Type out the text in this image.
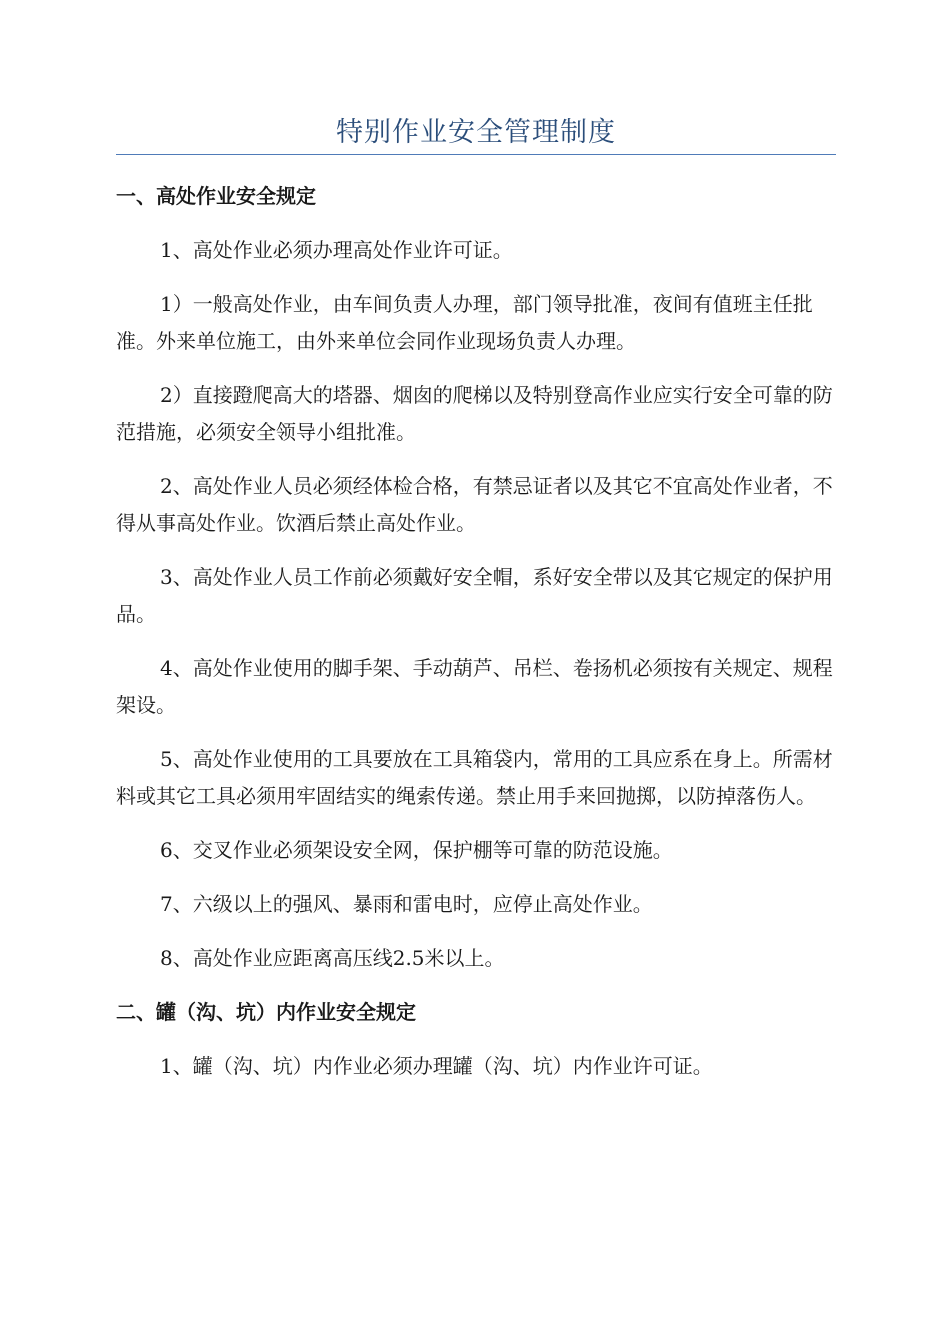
特别作业安全管理制度
一、高处作业安全规定

1、高处作业必须办理高处作业许可证。

1）一般高处作业，由车间负责人办理，部门领导批准，夜间有值班主任批准。外来单位施工，由外来单位会同作业现场负责人办理。

2）直接蹬爬高大的塔器、烟囱的爬梯以及特别登高作业应实行安全可靠的防范措施，必须安全领导小组批准。

2、高处作业人员必须经体检合格，有禁忌证者以及其它不宜高处作业者，不得从事高处作业。饮酒后禁止高处作业。

3、高处作业人员工作前必须戴好安全帽，系好安全带以及其它规定的保护用品。

4、高处作业使用的脚手架、手动葫芦、吊栏、卷扬机必须按有关规定、规程架设。

5、高处作业使用的工具要放在工具箱袋内，常用的工具应系在身上。所需材料或其它工具必须用牢固结实的绳索传递。禁止用手来回抛掷，以防掉落伤人。

6、交叉作业必须架设安全网，保护棚等可靠的防范设施。

7、六级以上的强风、暴雨和雷电时，应停止高处作业。

8、高处作业应距离高压线2.5米以上。

二、罐（沟、坑）内作业安全规定

1、罐（沟、坑）内作业必须办理罐（沟、坑）内作业许可证。
